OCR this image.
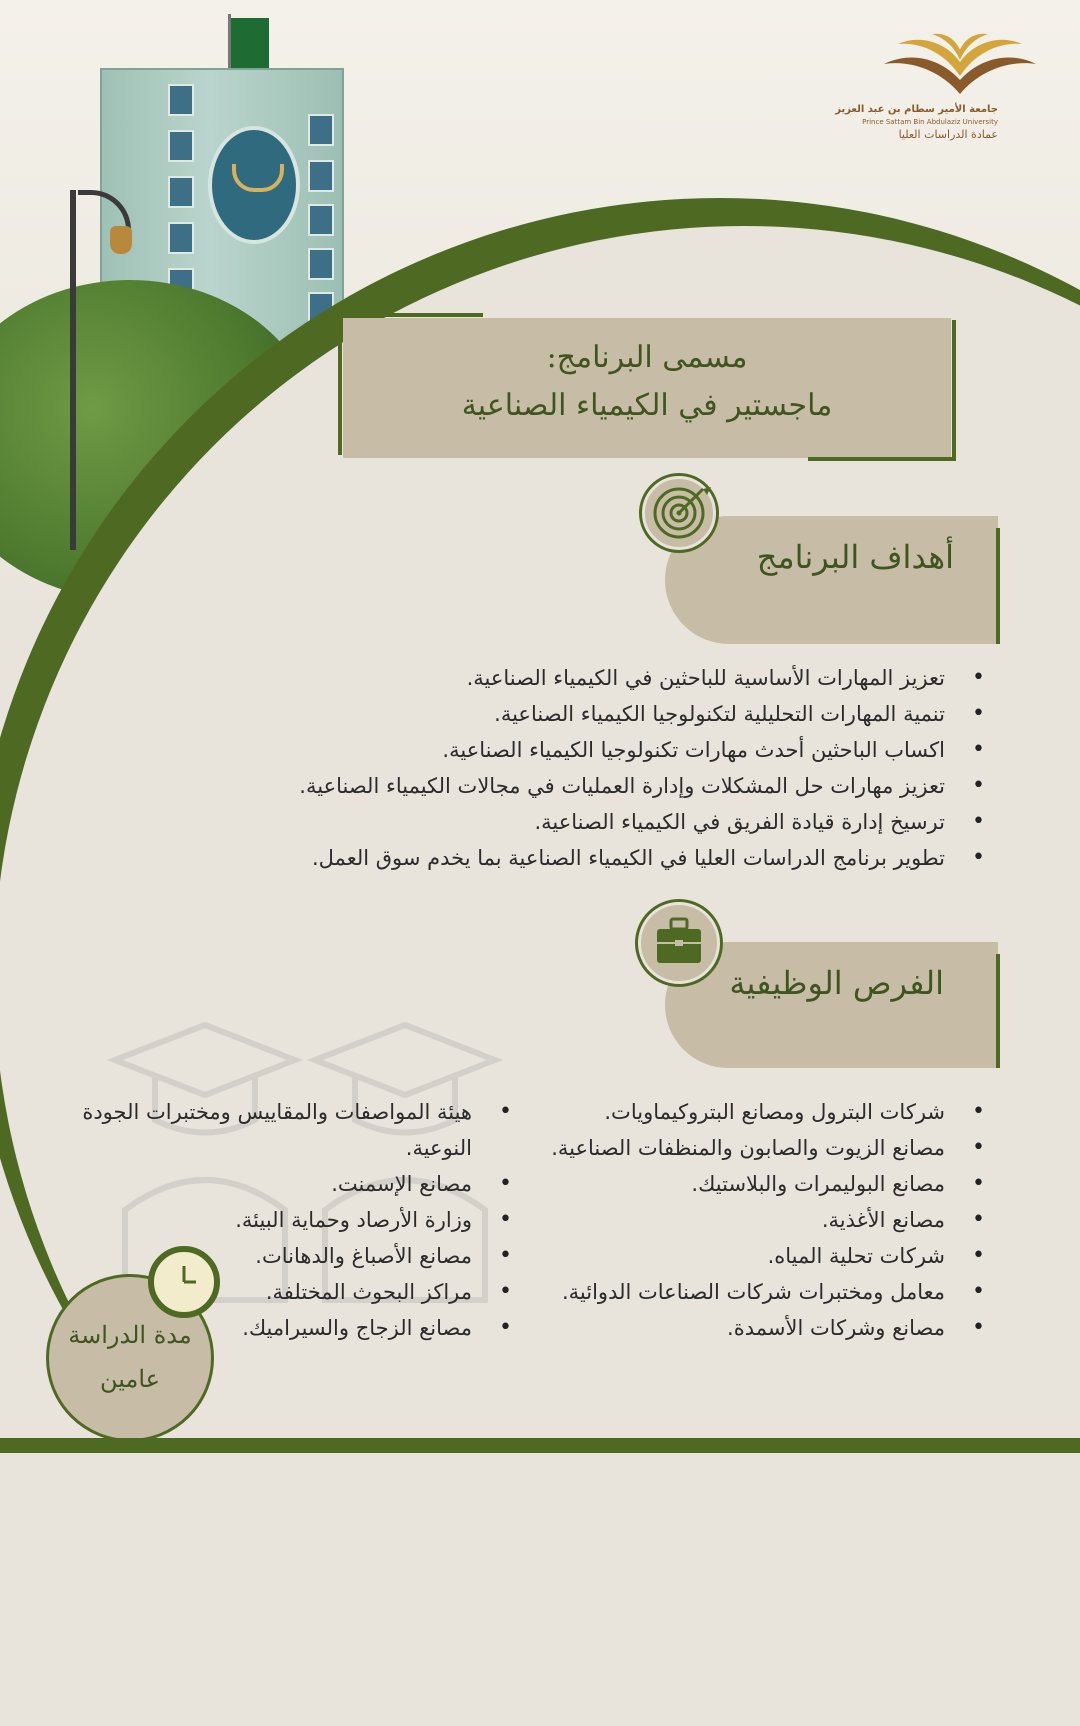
جامعة الأمير سطام بن عبد العزيز
Prince Sattam Bin Abdulaziz University
عمادة الدراسات العليا
مسمى البرنامج:
ماجستير في الكيمياء الصناعية
أهداف البرنامج
• تعزيز المهارات الأساسية للباحثين في الكيمياء الصناعية.
• تنمية المهارات التحليلية لتكنولوجيا الكيمياء الصناعية.
• اكساب الباحثين أحدث مهارات تكنولوجيا الكيمياء الصناعية.
• تعزيز مهارات حل المشكلات وإدارة العمليات في مجالات الكيمياء الصناعية.
• ترسيخ إدارة قيادة الفريق في الكيمياء الصناعية.
• تطوير برنامج الدراسات العليا في الكيمياء الصناعية بما يخدم سوق العمل.
الفرص الوظيفية
• شركات البترول ومصانع البتروكيماويات.
• مصانع الزيوت والصابون والمنظفات الصناعية.
• مصانع البوليمرات والبلاستيك.
• مصانع الأغذية.
• شركات تحلية المياه.
• معامل ومختبرات شركات الصناعات الدوائية.
• مصانع وشركات الأسمدة.
• هيئة المواصفات والمقاييس ومختبرات الجودة النوعية.
• مصانع الإسمنت.
• وزارة الأرصاد وحماية البيئة.
• مصانع الأصباغ والدهانات.
• مراكز البحوث المختلفة.
• مصانع الزجاج والسيراميك.
مدة الدراسة
عامين
